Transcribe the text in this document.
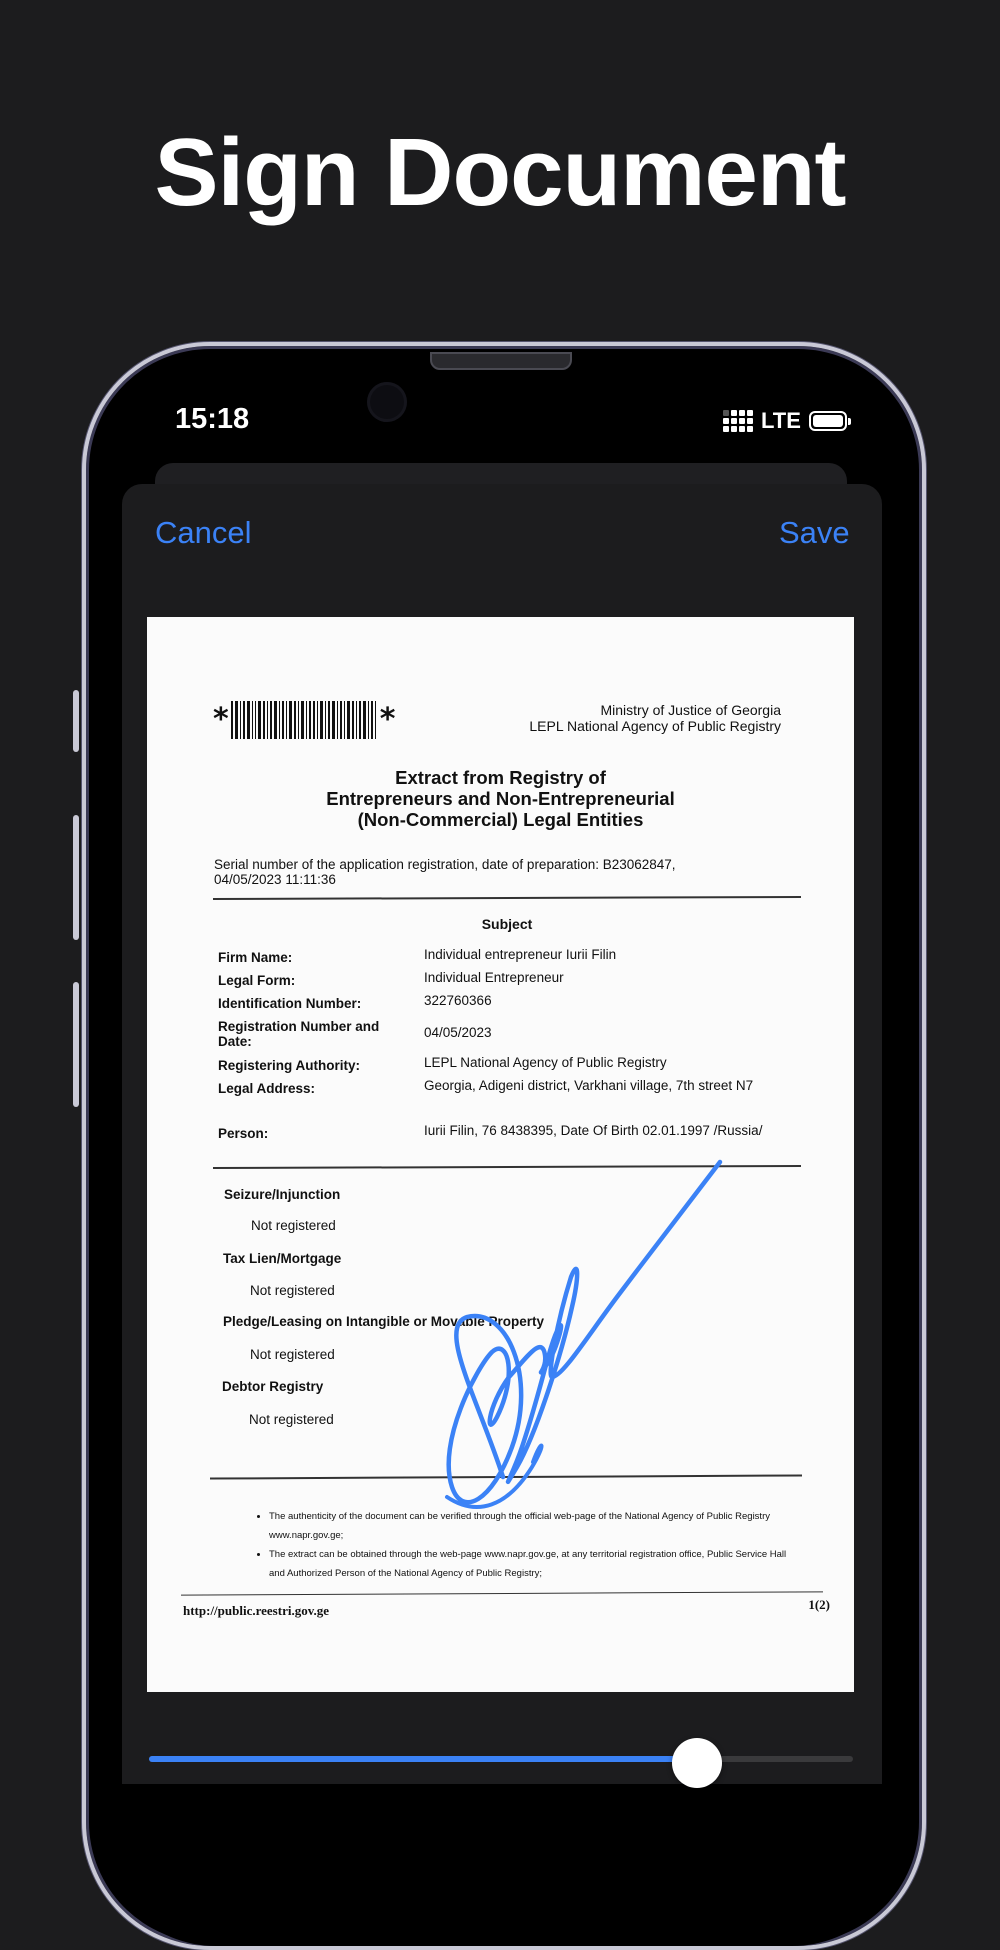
Sign Document
15:18	LTE
Cancel	Save
*	*	Ministry of Justice of Georgia
LEPL National Agency of Public Registry
Extract from Registry of
Entrepreneurs and Non-Entrepreneurial
(Non-Commercial) Legal Entities
Serial number of the application registration, date of preparation: B23062847,
04/05/2023 11:11:36
Subject
Firm Name:	Individual entrepreneur Iurii Filin
Legal Form:	Individual Entrepreneur
Identification Number:	322760366
Registration Number and Date:
04/05/2023
Registering Authority:	LEPL National Agency of Public Registry
Legal Address:	Georgia, Adigeni district, Varkhani village, 7th street N7
Person:	Iurii Filin, 76 8438395, Date Of Birth 02.01.1997 /Russia/
Seizure/Injunction
Not registered
Tax Lien/Mortgage
Not registered
Pledge/Leasing on Intangible or Movable Property
Not registered
Debtor Registry
Not registered
• The authenticity of the document can be verified through the official web-page of the National Agency of Public Registry
www.napr.gov.ge;
• The extract can be obtained through the web-page www.napr.gov.ge, at any territorial registration office, Public Service Hall
and Authorized Person of the National Agency of Public Registry;
http://public.reestri.gov.ge	1(2)
